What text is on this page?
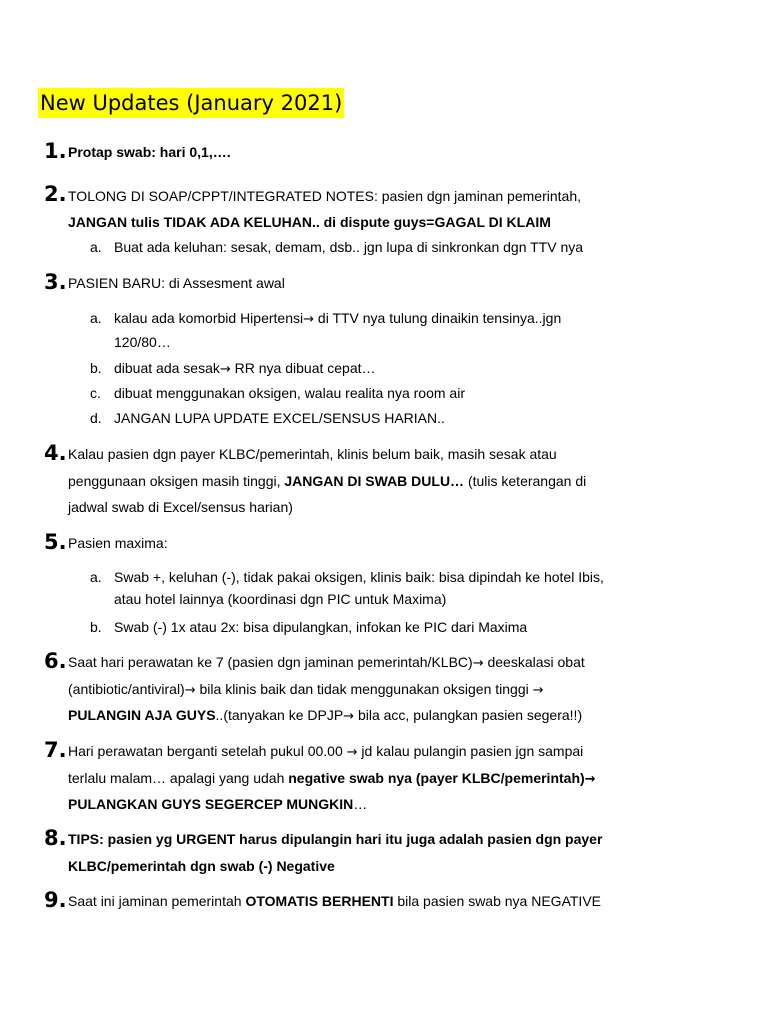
New Updates (January 2021)
1. Protap swab: hari 0,1,….
2. TOLONG DI SOAP/CPPT/INTEGRATED NOTES: pasien dgn jaminan pemerintah,
JANGAN tulis TIDAK ADA KELUHAN.. di dispute guys=GAGAL DI KLAIM
a. Buat ada keluhan: sesak, demam, dsb.. jgn lupa di sinkronkan dgn TTV nya
3. PASIEN BARU: di Assesment awal
a. kalau ada komorbid Hipertensi→ di TTV nya tulung dinaikin tensinya..jgn
120/80…
b. dibuat ada sesak→ RR nya dibuat cepat…
c. dibuat menggunakan oksigen, walau realita nya room air
d. JANGAN LUPA UPDATE EXCEL/SENSUS HARIAN..
4. Kalau pasien dgn payer KLBC/pemerintah, klinis belum baik, masih sesak atau
penggunaan oksigen masih tinggi, JANGAN DI SWAB DULU… (tulis keterangan di
jadwal swab di Excel/sensus harian)
5. Pasien maxima:
a. Swab +, keluhan (-), tidak pakai oksigen, klinis baik: bisa dipindah ke hotel Ibis,
atau hotel lainnya (koordinasi dgn PIC untuk Maxima)
b. Swab (-) 1x atau 2x: bisa dipulangkan, infokan ke PIC dari Maxima
6. Saat hari perawatan ke 7 (pasien dgn jaminan pemerintah/KLBC)→ deeskalasi obat
(antibiotic/antiviral)→ bila klinis baik dan tidak menggunakan oksigen tinggi →
PULANGIN AJA GUYS..(tanyakan ke DPJP→ bila acc, pulangkan pasien segera!!)
7. Hari perawatan berganti setelah pukul 00.00 → jd kalau pulangin pasien jgn sampai
terlalu malam… apalagi yang udah negative swab nya (payer KLBC/pemerintah)→
PULANGKAN GUYS SEGERCEP MUNGKIN…
8. TIPS: pasien yg URGENT harus dipulangin hari itu juga adalah pasien dgn payer
KLBC/pemerintah dgn swab (-) Negative
9. Saat ini jaminan pemerintah OTOMATIS BERHENTI bila pasien swab nya NEGATIVE
